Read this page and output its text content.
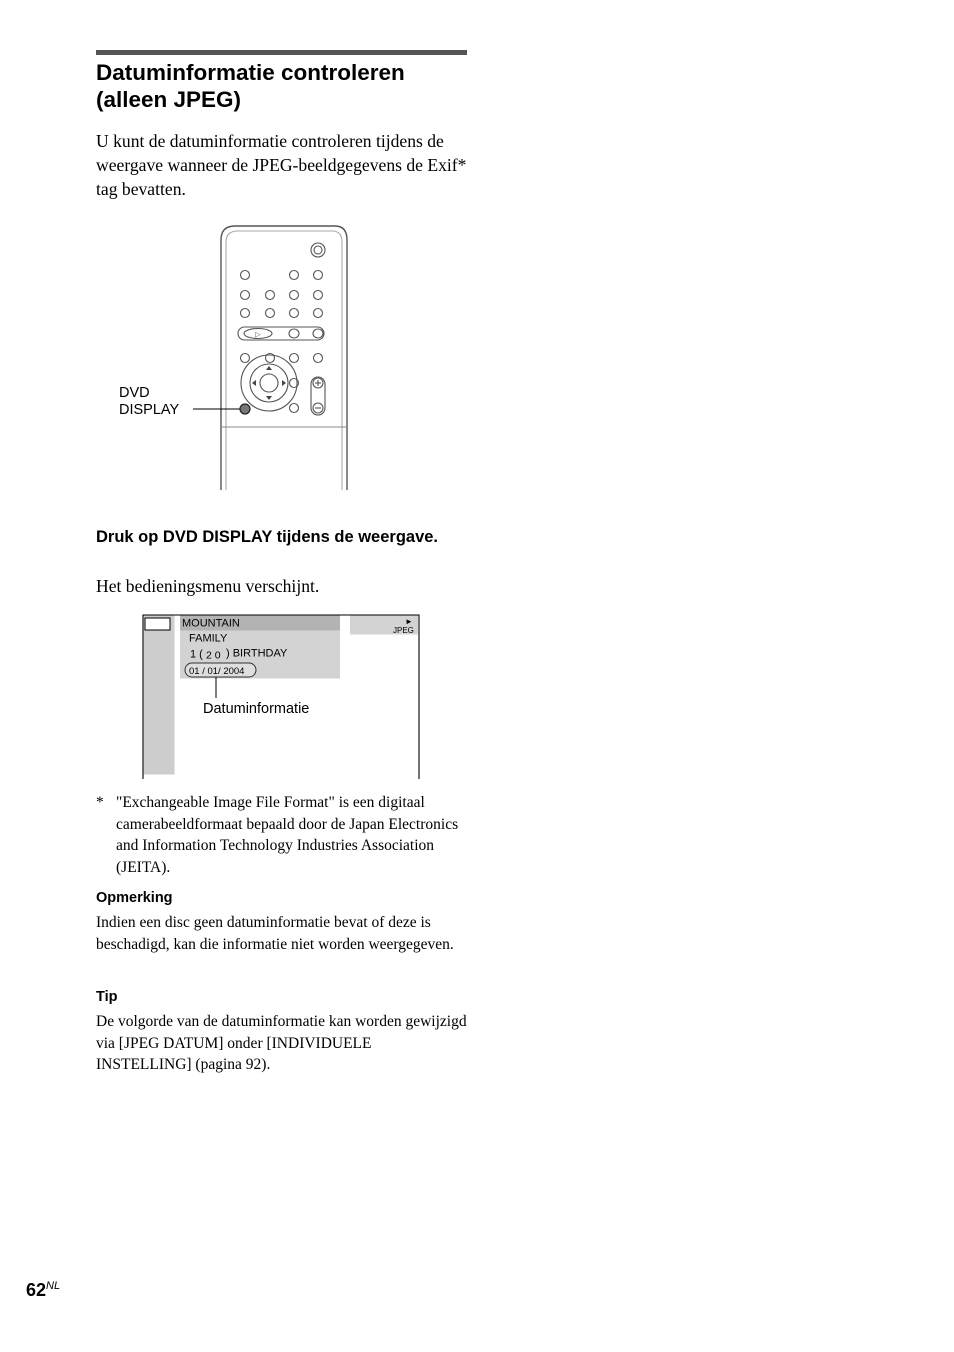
Datuminformatie controleren
(alleen JPEG)

U kunt de datuminformatie controleren tijdens de weergave wanneer de JPEG-beeldgegevens de Exif* tag bevatten.

▷
DVD
DISPLAY
Druk op DVD DISPLAY tijdens de weergave.

Het bedieningsmenu verschijnt.

MOUNTAIN
FAMILY
1 ( 2 0 ) BIRTHDAY
01 / 01/ 2004
►
JPEG
Datuminformatie
* "Exchangeable Image File Format" is een digitaal camerabeeldformaat bepaald door de Japan Electronics and Information Technology Industries Association (JEITA).

Opmerking

Indien een disc geen datuminformatie bevat of deze is beschadigd, kan die informatie niet worden weergegeven.

Tip

De volgorde van de datuminformatie kan worden gewijzigd via [JPEG DATUM] onder [INDIVIDUELE INSTELLING] (pagina 92).

$62^{NL}$
